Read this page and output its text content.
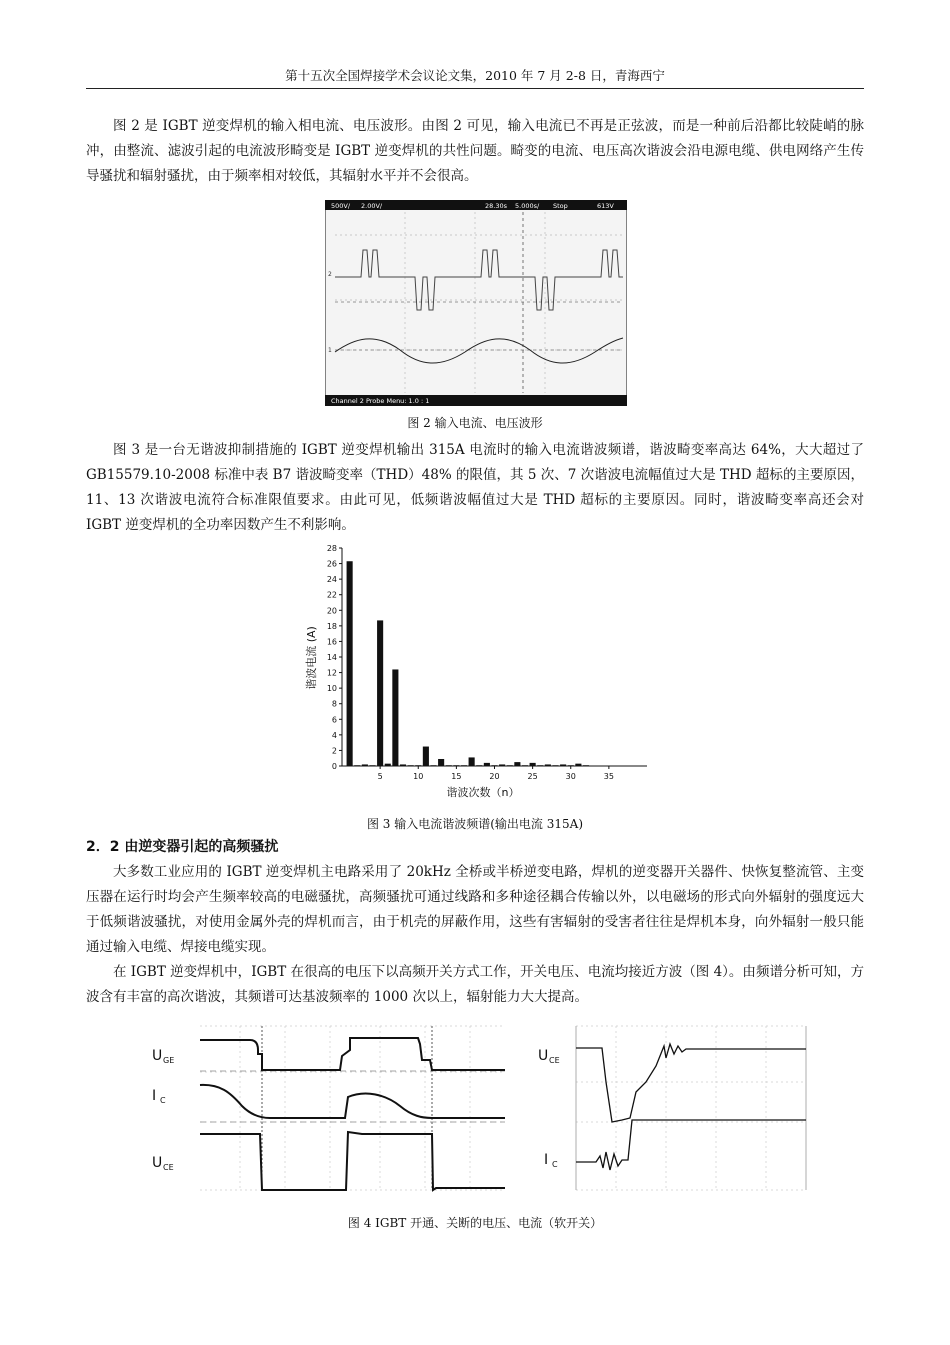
第十五次全国焊接学术会议论文集，2010 年 7 月 2-8 日，青海西宁

图 2 是 IGBT 逆变焊机的输入相电流、电压波形。由图 2 可见，输入电流已不再是正弦波，而是一种前后沿都比较陡峭的脉冲，由整流、滤波引起的电流波形畸变是 IGBT 逆变焊机的共性问题。畸变的电流、电压高次谐波会沿电源电缆、供电网络产生传导骚扰和辐射骚扰，由于频率相对较低，其辐射水平并不会很高。

500V/ 2.00V/	28.30s 5.000s/ Stop	613V
Channel 2 Probe Menu: 1.0 : 1
2
1
图 2 输入电流、电压波形

图 3 是一台无谐波抑制措施的 IGBT 逆变焊机输出 315A 电流时的输入电流谐波频谱，谐波畸变率高达 64%，大大超过了 GB15579.10-2008 标准中表 B7 谐波畸变率（THD）48% 的限值，其 5 次、7 次谐波电流幅值过大是 THD 超标的主要原因，11、13 次谐波电流符合标准限值要求。由此可见，低频谐波幅值过大是 THD 超标的主要原因。同时，谐波畸变率高还会对 IGBT 逆变焊机的全功率因数产生不利影响。

0
2
4
6
8
10
12
14
16
18
20
22
24
26
28
5	10	15	20	25	30	35
谐波电流 (A)
谐波次数（n）
图 3 输入电流谐波频谱(输出电流 315A)
2．2 由逆变器引起的高频骚扰

大多数工业应用的 IGBT 逆变焊机主电路采用了 20kHz 全桥或半桥逆变电路，焊机的逆变器开关器件、快恢复整流管、主变压器在运行时均会产生频率较高的电磁骚扰，高频骚扰可通过线路和多种途径耦合传输以外，以电磁场的形式向外辐射的强度远大于低频谐波骚扰，对使用金属外壳的焊机而言，由于机壳的屏蔽作用，这些有害辐射的受害者往往是焊机本身，向外辐射一般只能通过输入电缆、焊接电缆实现。

在 IGBT 逆变焊机中，IGBT 在很高的电压下以高频开关方式工作，开关电压、电流均接近方波（图 4）。由频谱分析可知，方波含有丰富的高次谐波，其频谱可达基波频率的 1000 次以上，辐射能力大大提高。

U GE
I C
U CE
U CE
I C
图 4 IGBT 开通、关断的电压、电流（软开关）
